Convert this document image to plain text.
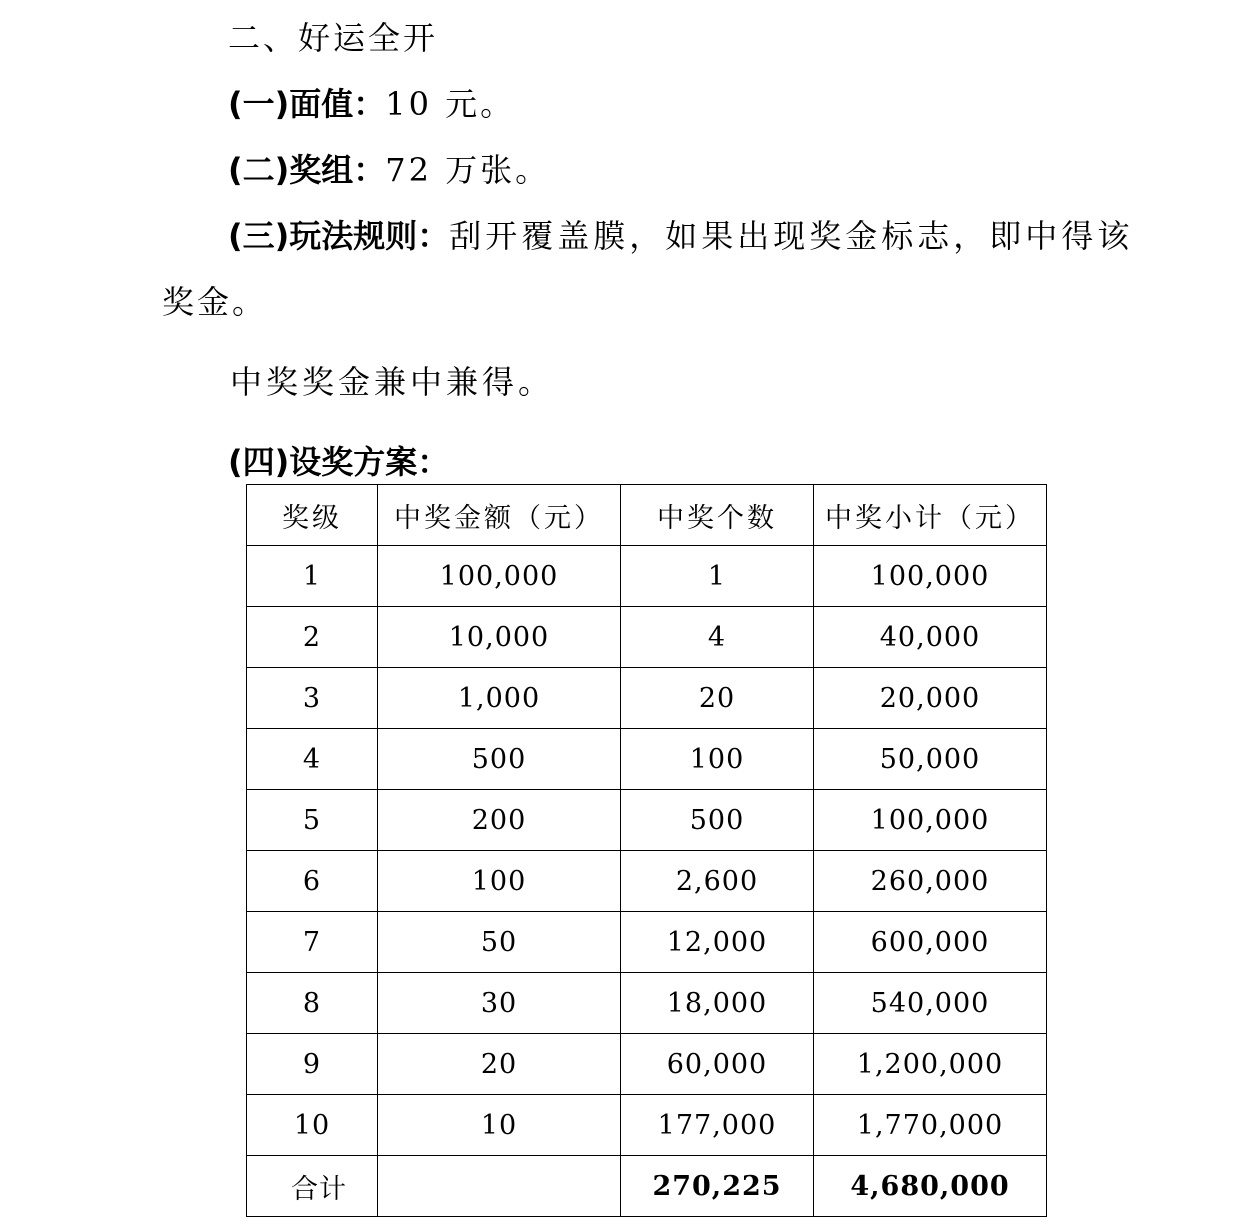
二、好运全开
(一)面值：10 元。
(二)奖组：72 万张。
(三)玩法规则：刮开覆盖膜，如果出现奖金标志，即中得该
奖金。
中奖奖金兼中兼得。
(四)设奖方案：
奖级	中奖金额（元）	中奖个数	中奖小计（元）
1	100,000	1	100,000
2	10,000	4	40,000
3	1,000	20	20,000
4	500	100	50,000
5	200	500	100,000
6	100	2,600	260,000
7	50	12,000	600,000
8	30	18,000	540,000
9	20	60,000	1,200,000
10	10	177,000	1,770,000
合计		270,225	4,680,000
